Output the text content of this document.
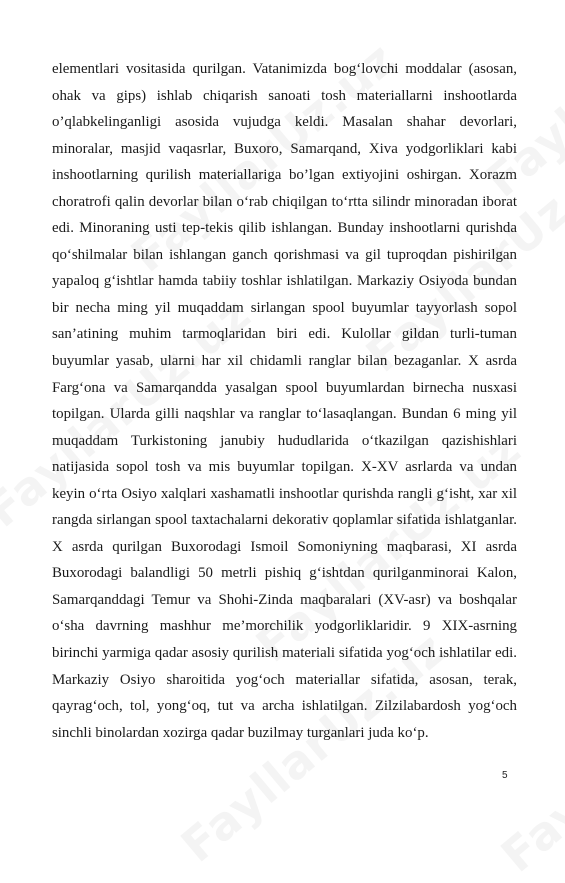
elementlari vositasida qurilgan. Vatanimizda bog‘lovchi moddalar (asosan, ohak va gips) ishlab chiqarish sanoati tosh materiallarni inshootlarda o’qlabkelinganligi asosida vujudga keldi. Masalan shahar devorlari, minoralar, masjid vaqasrlar, Buxoro, Samarqand, Xiva yodgorliklari kabi inshootlarning qurilish materiallariga bo’lgan extiyojini oshirgan. Xorazm choratrofi qalin devorlar bilan o‘rab chiqilgan to‘rtta silindr minoradan iborat edi. Minoraning usti tep-tekis qilib ishlangan. Bunday inshootlarni qurishda qo‘shilmalar bilan ishlangan ganch qorishmasi va gil tuproqdan pishirilgan yapaloq g‘ishtlar hamda tabiiy toshlar ishlatilgan. Markaziy Osiyoda bundan bir necha ming yil muqaddam sirlangan spool buyumlar tayyorlash sopol san’atining muhim tarmoqlaridan biri edi. Kulollar gildan turli-tuman buyumlar yasab, ularni har xil chidamli ranglar bilan bezaganlar. X asrda Farg‘ona va Samarqandda yasalgan spool buyumlardan birnecha nusxasi topilgan. Ularda gilli naqshlar va ranglar to‘lasaqlangan. Bundan 6 ming yil muqaddam Turkistoning janubiy hududlarida o‘tkazilgan qazishishlari natijasida sopol tosh va mis buyumlar topilgan. X-XV asrlarda va undan keyin o‘rta Osiyo xalqlari xashamatli inshootlar qurishda rangli g‘isht, xar xil rangda sirlangan spool taxtachalarni dekorativ qoplamlar sifatida ishlatganlar. X asrda qurilgan Buxorodagi Ismoil Somoniyning maqbarasi, XI asrda Buxorodagi balandligi 50 metrli pishiq g‘ishtdan qurilganminorai Kalon, Samarqanddagi Temur va Shohi-Zinda maqbaralari (XV-asr) va boshqalar o‘sha davrning mashhur me’morchilik yodgorliklaridir. 9 XIX-asrning birinchi yarmiga qadar asosiy qurilish materiali sifatida yog‘och ishlatilar edi. Markaziy Osiyo sharoitida yog‘och materiallar sifatida, asosan, terak, qayrag‘och, tol, yong‘oq, tut va archa ishlatilgan. Zilzilabardosh yog‘och sinchli binolardan xozirga qadar buzilmay turganlari juda ko‘p.

5
